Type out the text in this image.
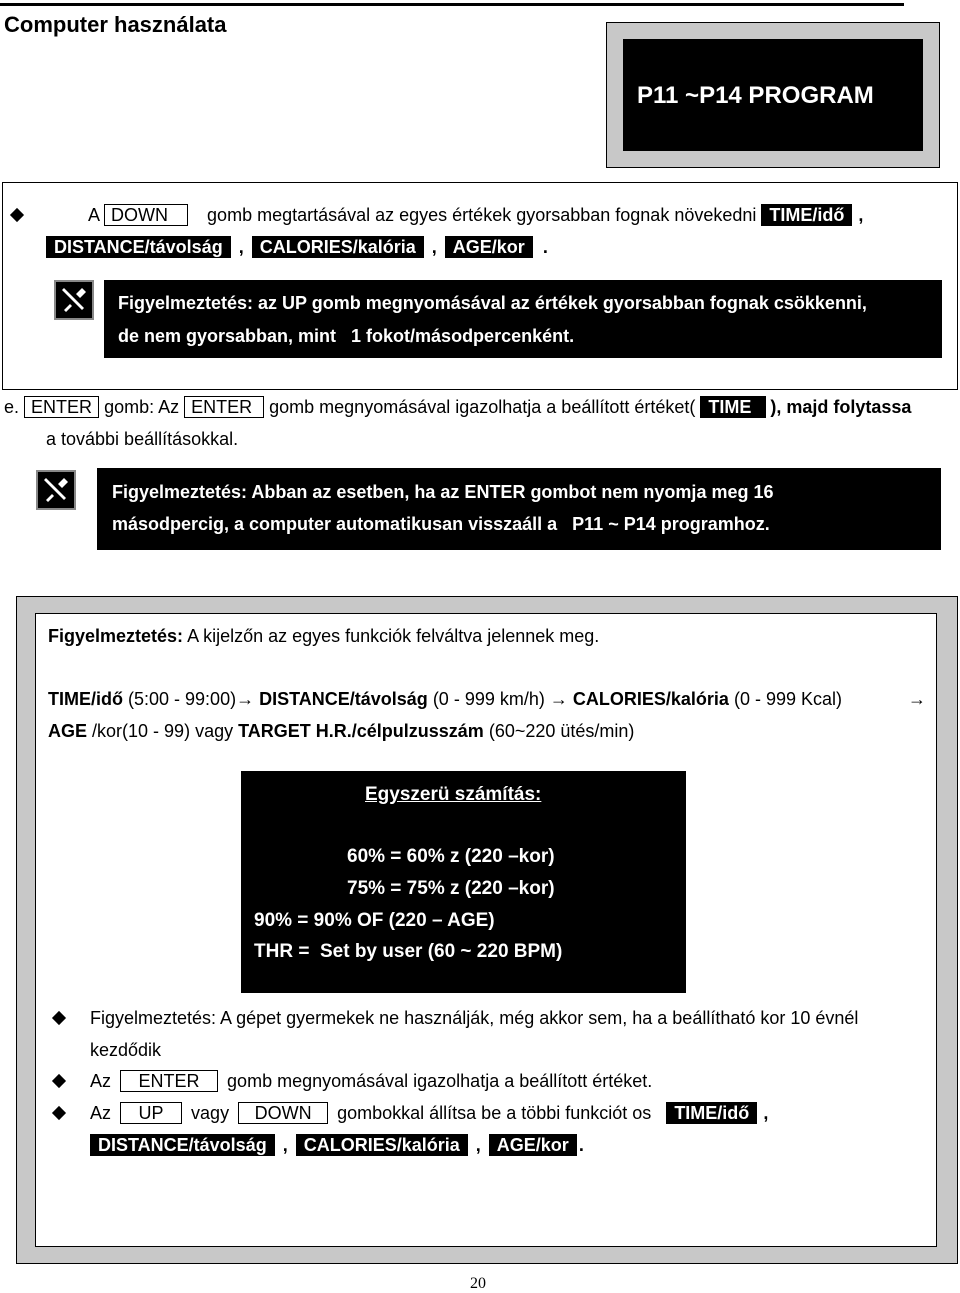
Computer használata
P11 ~P14 PROGRAM
A DOWN gomb megtartásával az egyes értékek gyorsabban fognak növekedni TIME/idő ,
DISTANCE/távolság , CALORIES/kalória , AGE/kor .
Figyelmeztetés: az UP gomb megnyomásával az értékek gyorsabban fognak csökkenni,
de nem gyorsabban, mint   1 fokot/másodpercenként.
e. ENTER gomb: Az ENTER gomb megnyomásával igazolhatja a beállított értéket( TIME ), majd folytassa
a további beállításokkal.
Figyelmeztetés: Abban az esetben, ha az ENTER gombot nem nyomja meg 16
másodpercig, a computer automatikusan visszaáll a   P11 ~ P14 programhoz.
Figyelmeztetés: A kijelzőn az egyes funkciók felváltva jelennek meg.
TIME/idő (5:00 - 99:00)→ DISTANCE/távolság (0 - 999 km/h) → CALORIES/kalória (0 - 999 Kcal)	→
AGE /kor(10 - 99) vagy TARGET H.R./célpulzusszám (60~220 ütés/min)
Egyszerü számítás:
60% = 60% z (220 –kor)
75% = 75% z (220 –kor)
90% = 90% OF (220 – AGE)
THR =  Set by user (60 ~ 220 BPM)
Figyelmeztetés: A gépet gyermekek ne használják, még akkor sem, ha a beállítható kor 10 évnél
kezdődik
Az ENTER gomb megnyomásával igazolhatja a beállított értéket.
Az UP vagy DOWN gombokkal állítsa be a többi funkciót os TIME/idő ,
DISTANCE/távolság , CALORIES/kalória , AGE/kor .
20
